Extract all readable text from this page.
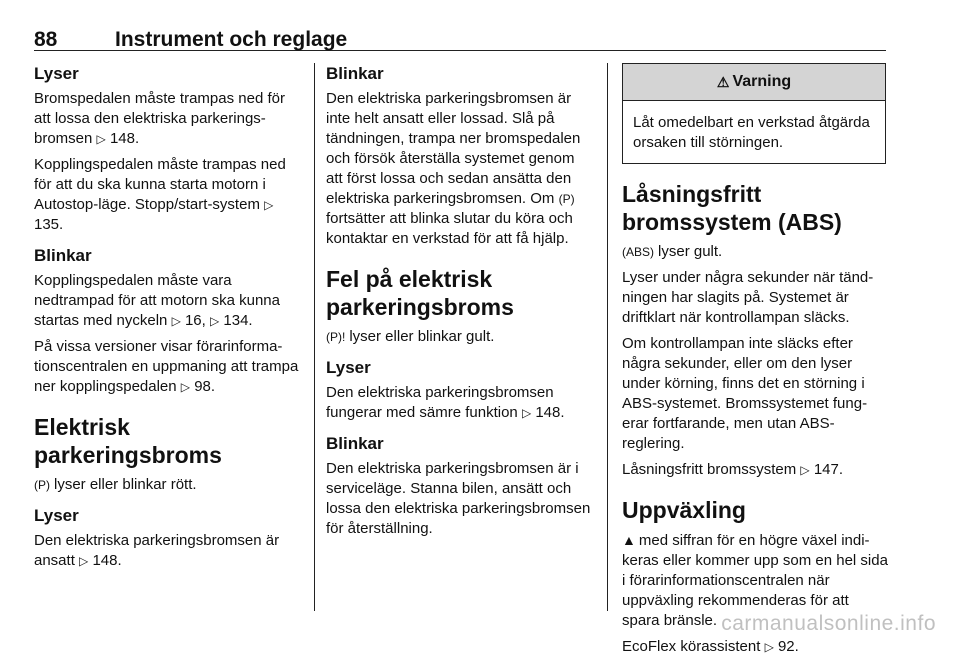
88	Instrument och reglage
Lyser

Bromspedalen måste trampas ned för att lossa den elektriska parkeringsbromsen ▷ 148.

Kopplingspedalen måste trampas ned för att du ska kunna starta motorn i Autostop-läge. Stopp/start-system ▷ 135.

Blinkar

Kopplingspedalen måste vara nedtrampad för att motorn ska kunna startas med nyckeln ▷ 16, ▷ 134.

På vissa versioner visar förarinformationscentralen en uppmaning att trampa ner kopplingspedalen ▷ 98.

Elektrisk parkeringsbroms

(P) lyser eller blinkar rött.

Lyser

Den elektriska parkeringsbromsen är ansatt ▷ 148.

Blinkar

Den elektriska parkeringsbromsen är inte helt ansatt eller lossad. Slå på tändningen, trampa ner bromspedalen och försök återställa systemet genom att först lossa och sedan ansätta den elektriska parkeringsbromsen. Om (P)fortsätter att blinka slutar du köra och kontaktar en verkstad för att få hjälp.

Fel på elektrisk parkeringsbroms

(P)! lyser eller blinkar gult.

Lyser

Den elektriska parkeringsbromsen fungerar med sämre funktion ▷ 148.

Blinkar

Den elektriska parkeringsbromsen är i serviceläge. Stanna bilen, ansätt och lossa den elektriska parkeringsbromsen för återställning.

⚠ Varning
Låt omedelbart en verkstad åtgärda orsaken till störningen.
Låsningsfritt bromssystem (ABS)

(ABS) lyser gult.

Lyser under några sekunder när tändningen har slagits på. Systemet är driftklart när kontrollampan släcks.

Om kontrollampan inte släcks efter några sekunder, eller om den lyser under körning, finns det en störning i ABS-systemet. Bromssystemet fungerar fortfarande, men utan ABS-reglering.

Låsningsfritt bromssystem ▷ 147.

Uppväxling

▲ med siffran för en högre växel indikeras eller kommer upp som en hel sida i förarinformationscentralen när uppväxling rekommenderas för att spara bränsle.

EcoFlex körassistent ▷ 92.

carmanualsonline.info
